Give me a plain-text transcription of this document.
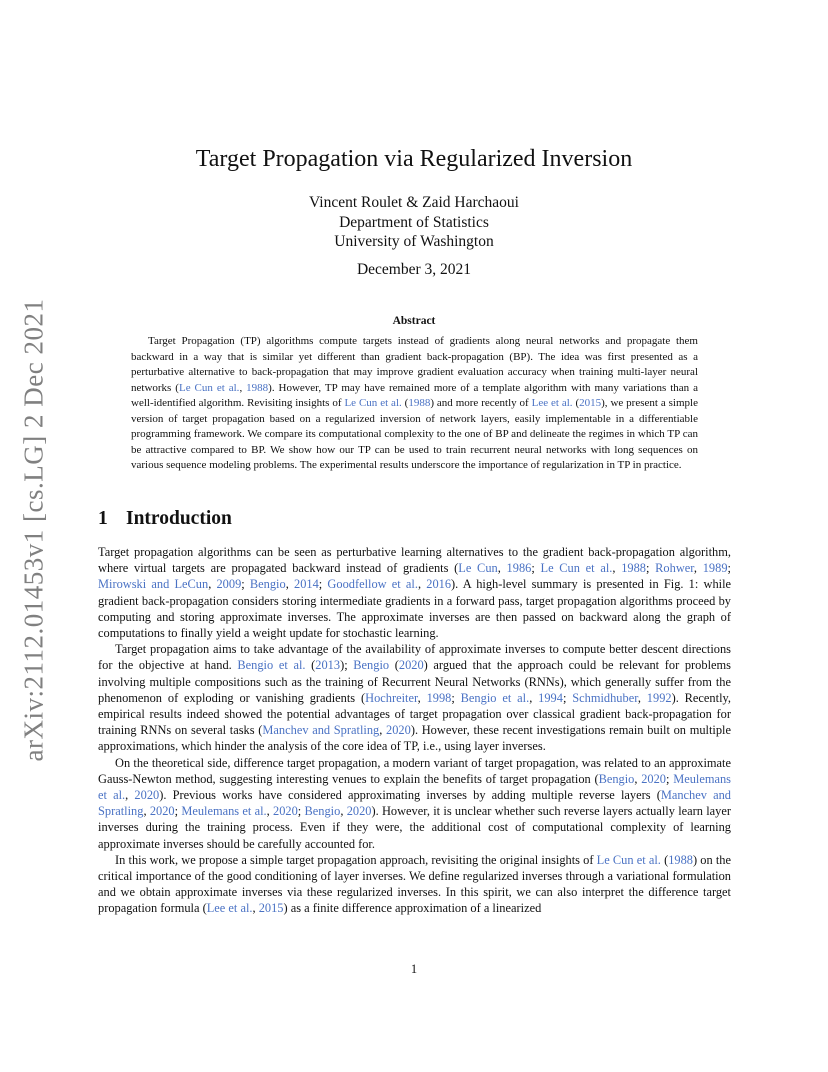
arXiv:2112.01453v1 [cs.LG] 2 Dec 2021
Target Propagation via Regularized Inversion
Vincent Roulet & Zaid Harchaoui
Department of Statistics
University of Washington
December 3, 2021
Abstract

Target Propagation (TP) algorithms compute targets instead of gradients along neural networks and propagate them backward in a way that is similar yet different than gradient back-propagation (BP). The idea was first presented as a perturbative alternative to back-propagation that may improve gradient evaluation accuracy when training multi-layer neural networks (Le Cun et al., 1988). However, TP may have remained more of a template algorithm with many variations than a well-identified algorithm. Revisiting insights of Le Cun et al. (1988) and more recently of Lee et al. (2015), we present a simple version of target propagation based on a regularized inversion of network layers, easily implementable in a differentiable programming framework. We compare its computational complexity to the one of BP and delineate the regimes in which TP can be attractive compared to BP. We show how our TP can be used to train recurrent neural networks with long sequences on various sequence modeling problems. The experimental results underscore the importance of regularization in TP in practice.

1 Introduction

Target propagation algorithms can be seen as perturbative learning alternatives to the gradient back-propagation algorithm, where virtual targets are propagated backward instead of gradients (Le Cun, 1986; Le Cun et al., 1988; Rohwer, 1989; Mirowski and LeCun, 2009; Bengio, 2014; Goodfellow et al., 2016). A high-level summary is presented in Fig. 1: while gradient back-propagation considers storing intermediate gradients in a forward pass, target propagation algorithms proceed by computing and storing approximate inverses. The approximate inverses are then passed on backward along the graph of computations to finally yield a weight update for stochastic learning.

Target propagation aims to take advantage of the availability of approximate inverses to compute better descent directions for the objective at hand. Bengio et al. (2013); Bengio (2020) argued that the approach could be relevant for problems involving multiple compositions such as the training of Recurrent Neural Networks (RNNs), which generally suffer from the phenomenon of exploding or vanishing gradients (Hochreiter, 1998; Bengio et al., 1994; Schmidhuber, 1992). Recently, empirical results indeed showed the potential advantages of target propagation over classical gradient back-propagation for training RNNs on several tasks (Manchev and Spratling, 2020). However, these recent investigations remain built on multiple approximations, which hinder the analysis of the core idea of TP, i.e., using layer inverses.

On the theoretical side, difference target propagation, a modern variant of target propagation, was related to an approximate Gauss-Newton method, suggesting interesting venues to explain the benefits of target propagation (Bengio, 2020; Meulemans et al., 2020). Previous works have considered approximating inverses by adding multiple reverse layers (Manchev and Spratling, 2020; Meulemans et al., 2020; Bengio, 2020). However, it is unclear whether such reverse layers actually learn layer inverses during the training process. Even if they were, the additional cost of computational complexity of learning approximate inverses should be carefully accounted for.

In this work, we propose a simple target propagation approach, revisiting the original insights of Le Cun et al. (1988) on the critical importance of the good conditioning of layer inverses. We define regularized inverses through a variational formulation and we obtain approximate inverses via these regularized inverses. In this spirit, we can also interpret the difference target propagation formula (Lee et al., 2015) as a finite difference approximation of a linearized

1
